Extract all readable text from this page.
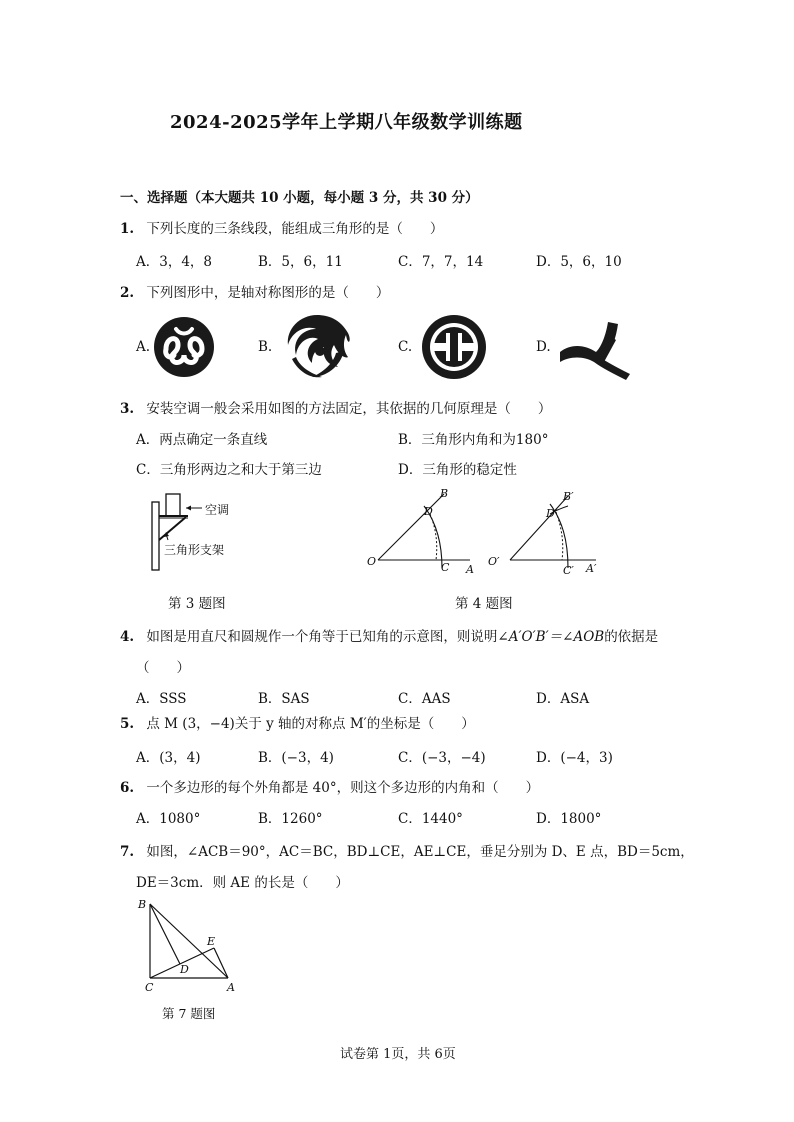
2024-2025学年上学期八年级数学训练题
一、选择题（本大题共 10 小题，每小题 3 分，共 30 分）
1. 下列长度的三条线段，能组成三角形的是（　　）
A．3，4，8	B．5，6，11	C．7，7，14	D．5，6，10
2. 下列图形中，是轴对称图形的是（　　）
A.	B.	C.	D.
3. 安装空调一般会采用如图的方法固定，其依据的几何原理是（　　）
A．两点确定一条直线	B．三角形内角和为180°
C．三角形两边之和大于第三边	D．三角形的稳定性
空调
三角形支架
第 3 题图
B
D
O	C A
B′
D′
O′
C′ A′
第 4 题图
4. 如图是用直尺和圆规作一个角等于已知角的示意图，则说明∠A′O′B′＝∠AOB的依据是
（　　）
A．SSS	B．SAS	C．AAS	D．ASA
5. 点 M (3，−4)关于 y 轴的对称点 M′的坐标是（　　）
A．(3，4)	B．(−3，4)	C．(−3，−4)	D．(−4，3)
6. 一个多边形的每个外角都是 40°，则这个多边形的内角和（　　）
A．1080°	B．1260°	C．1440°	D．1800°
7. 如图，∠ACB＝90°，AC＝BC，BD⊥CE，AE⊥CE，垂足分别为 D、E 点，BD＝5cm，
DE＝3cm．则 AE 的长是（　　）
B
E
D
C	A
第 7 题图
试卷第 1页，共 6页
